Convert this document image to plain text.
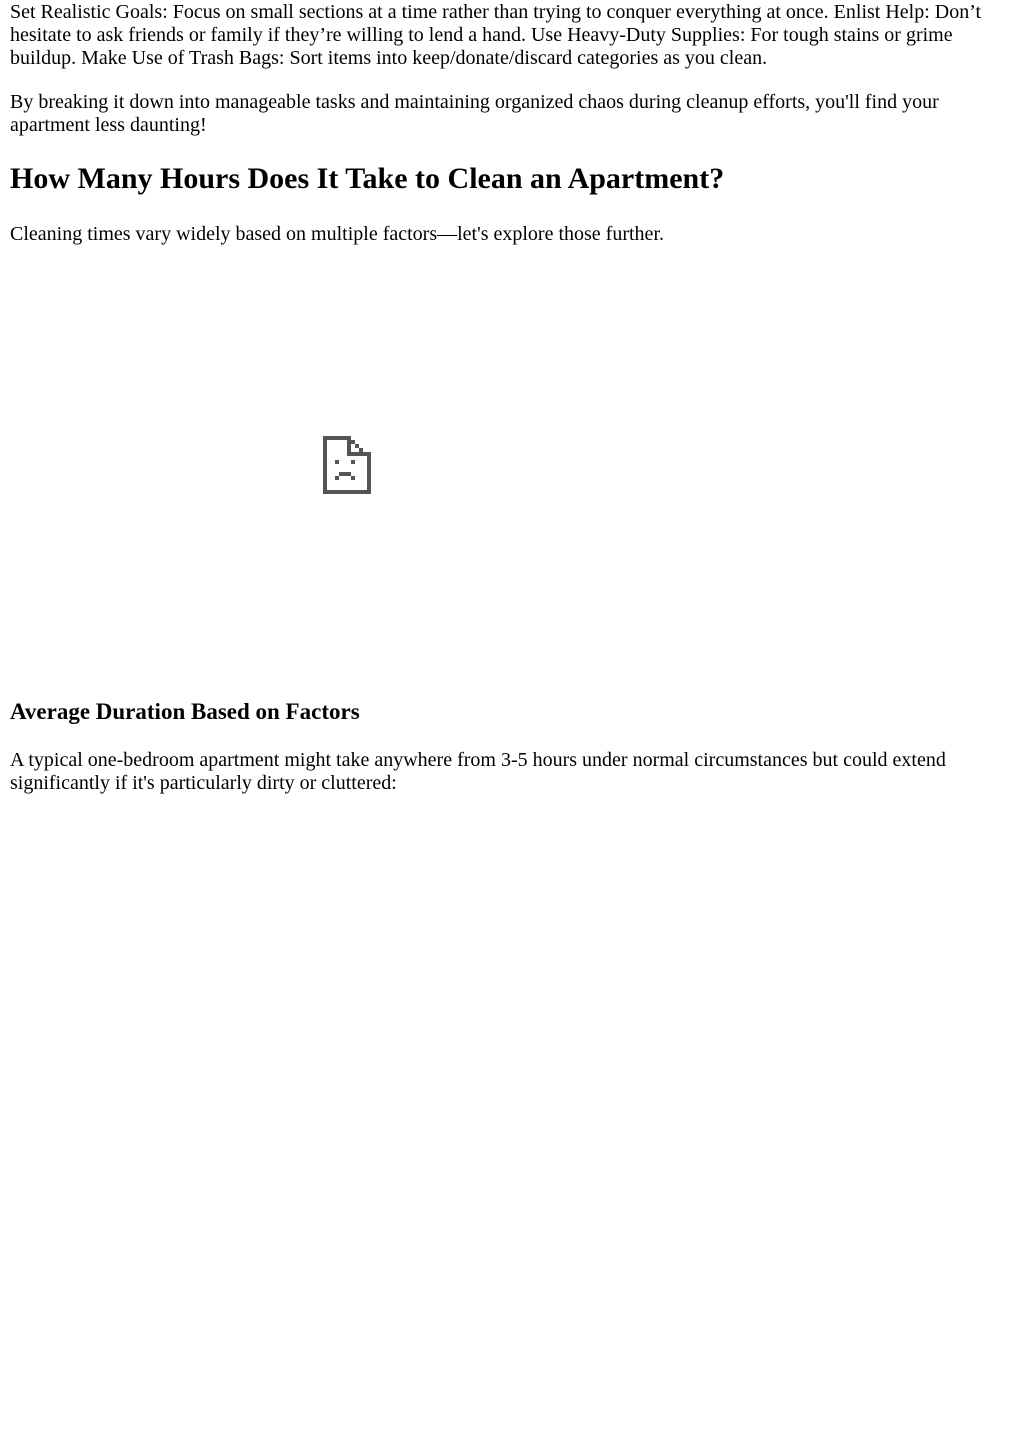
Set Realistic Goals: Focus on small sections at a time rather than trying to conquer everything at once. Enlist Help: Don’t hesitate to ask friends or family if they’re willing to lend a hand. Use Heavy-Duty Supplies: For tough stains or grime buildup. Make Use of Trash Bags: Sort items into keep/donate/discard categories as you clean.

By breaking it down into manageable tasks and maintaining organized chaos during cleanup efforts, you'll find your apartment less daunting!

How Many Hours Does It Take to Clean an Apartment?

Cleaning times vary widely based on multiple factors—let's explore those further.

Average Duration Based on Factors

A typical one-bedroom apartment might take anywhere from 3-5 hours under normal circumstances but could extend significantly if it's particularly dirty or cluttered:
